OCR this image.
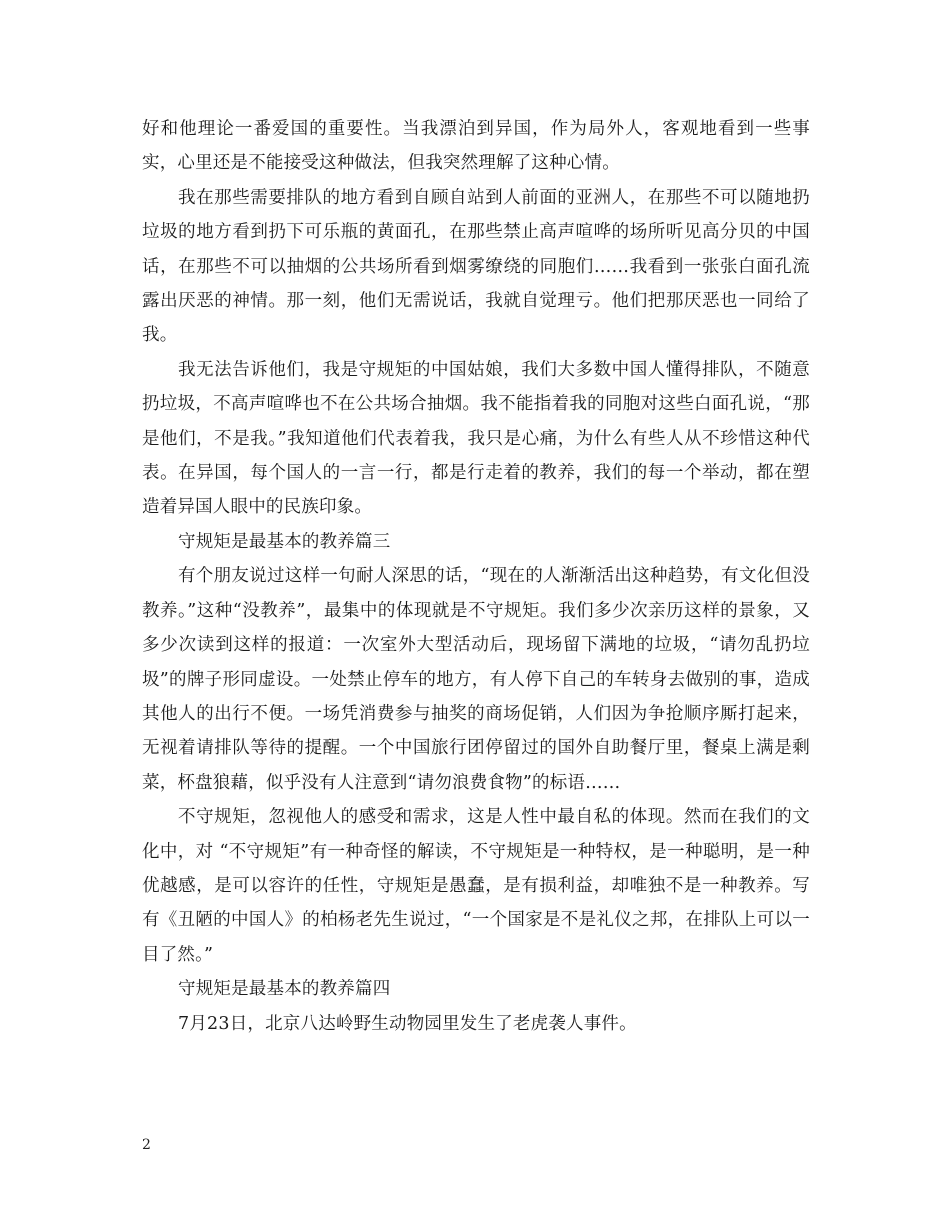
好和他理论一番爱国的重要性。当我漂泊到异国，作为局外人，客观地看到一些事实，心里还是不能接受这种做法，但我突然理解了这种心情。

我在那些需要排队的地方看到自顾自站到人前面的亚洲人，在那些不可以随地扔垃圾的地方看到扔下可乐瓶的黄面孔，在那些禁止高声喧哗的场所听见高分贝的中国话，在那些不可以抽烟的公共场所看到烟雾缭绕的同胞们……我看到一张张白面孔流露出厌恶的神情。那一刻，他们无需说话，我就自觉理亏。他们把那厌恶也一同给了我。

我无法告诉他们，我是守规矩的中国姑娘，我们大多数中国人懂得排队，不随意扔垃圾，不高声喧哗也不在公共场合抽烟。我不能指着我的同胞对这些白面孔说，“那是他们，不是我。”我知道他们代表着我，我只是心痛，为什么有些人从不珍惜这种代表。在异国，每个国人的一言一行，都是行走着的教养，我们的每一个举动，都在塑造着异国人眼中的民族印象。

守规矩是最基本的教养篇三

有个朋友说过这样一句耐人深思的话，“现在的人渐渐活出这种趋势，有文化但没教养。”这种“没教养”，最集中的体现就是不守规矩。我们多少次亲历这样的景象，又多少次读到这样的报道：一次室外大型活动后，现场留下满地的垃圾，“请勿乱扔垃圾”的牌子形同虚设。一处禁止停车的地方，有人停下自己的车转身去做别的事，造成其他人的出行不便。一场凭消费参与抽奖的商场促销，人们因为争抢顺序厮打起来，无视着请排队等待的提醒。一个中国旅行团停留过的国外自助餐厅里，餐桌上满是剩菜，杯盘狼藉，似乎没有人注意到“请勿浪费食物”的标语……

不守规矩，忽视他人的感受和需求，这是人性中最自私的体现。然而在我们的文化中，对 “不守规矩”有一种奇怪的解读，不守规矩是一种特权，是一种聪明，是一种优越感，是可以容许的任性，守规矩是愚蠢，是有损利益，却唯独不是一种教养。写有《丑陋的中国人》的柏杨老先生说过，“一个国家是不是礼仪之邦，在排队上可以一目了然。”

守规矩是最基本的教养篇四

7月23日，北京八达岭野生动物园里发生了老虎袭人事件。

2
